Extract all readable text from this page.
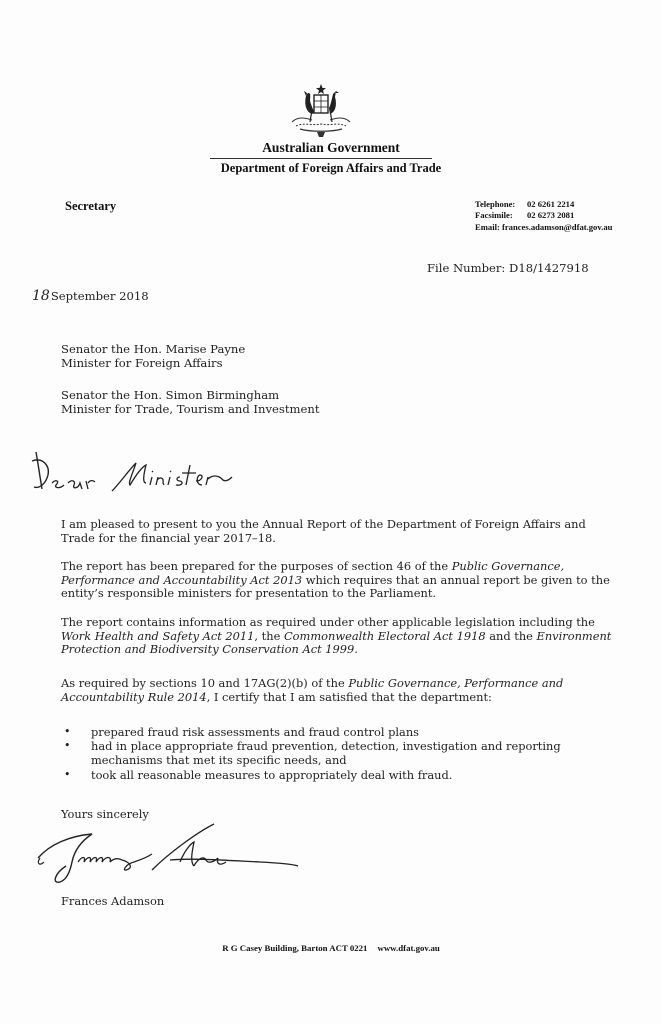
Australian Government
Department of Foreign Affairs and Trade
Secretary	Telephone: 02 6261 2214
Facsimile: 02 6273 2081
Email: frances.adamson@dfat.gov.au
File Number: D18/1427918
18September 2018
Senator the Hon. Marise Payne
Minister for Foreign Affairs
Senator the Hon. Simon Birmingham
Minister for Trade, Tourism and Investment

I am pleased to present to you the Annual Report of the Department of Foreign Affairs and Trade for the financial year 2017–18.

The report has been prepared for the purposes of section 46 of the Public Governance, Performance and Accountability Act 2013 which requires that an annual report be given to the entity’s responsible ministers for presentation to the Parliament.

The report contains information as required under other applicable legislation including the Work Health and Safety Act 2011, the Commonwealth Electoral Act 1918 and the Environment Protection and Biodiversity Conservation Act 1999.

As required by sections 10 and 17AG(2)(b) of the Public Governance, Performance and Accountability Rule 2014, I certify that I am satisfied that the department:

• prepared fraud risk assessments and fraud control plans
• had in place appropriate fraud prevention, detection, investigation and reporting mechanisms that met its specific needs, and
• took all reasonable measures to appropriately deal with fraud.
Yours sincerely
Frances Adamson
R G Casey Building, Barton ACT 0221 www.dfat.gov.au
